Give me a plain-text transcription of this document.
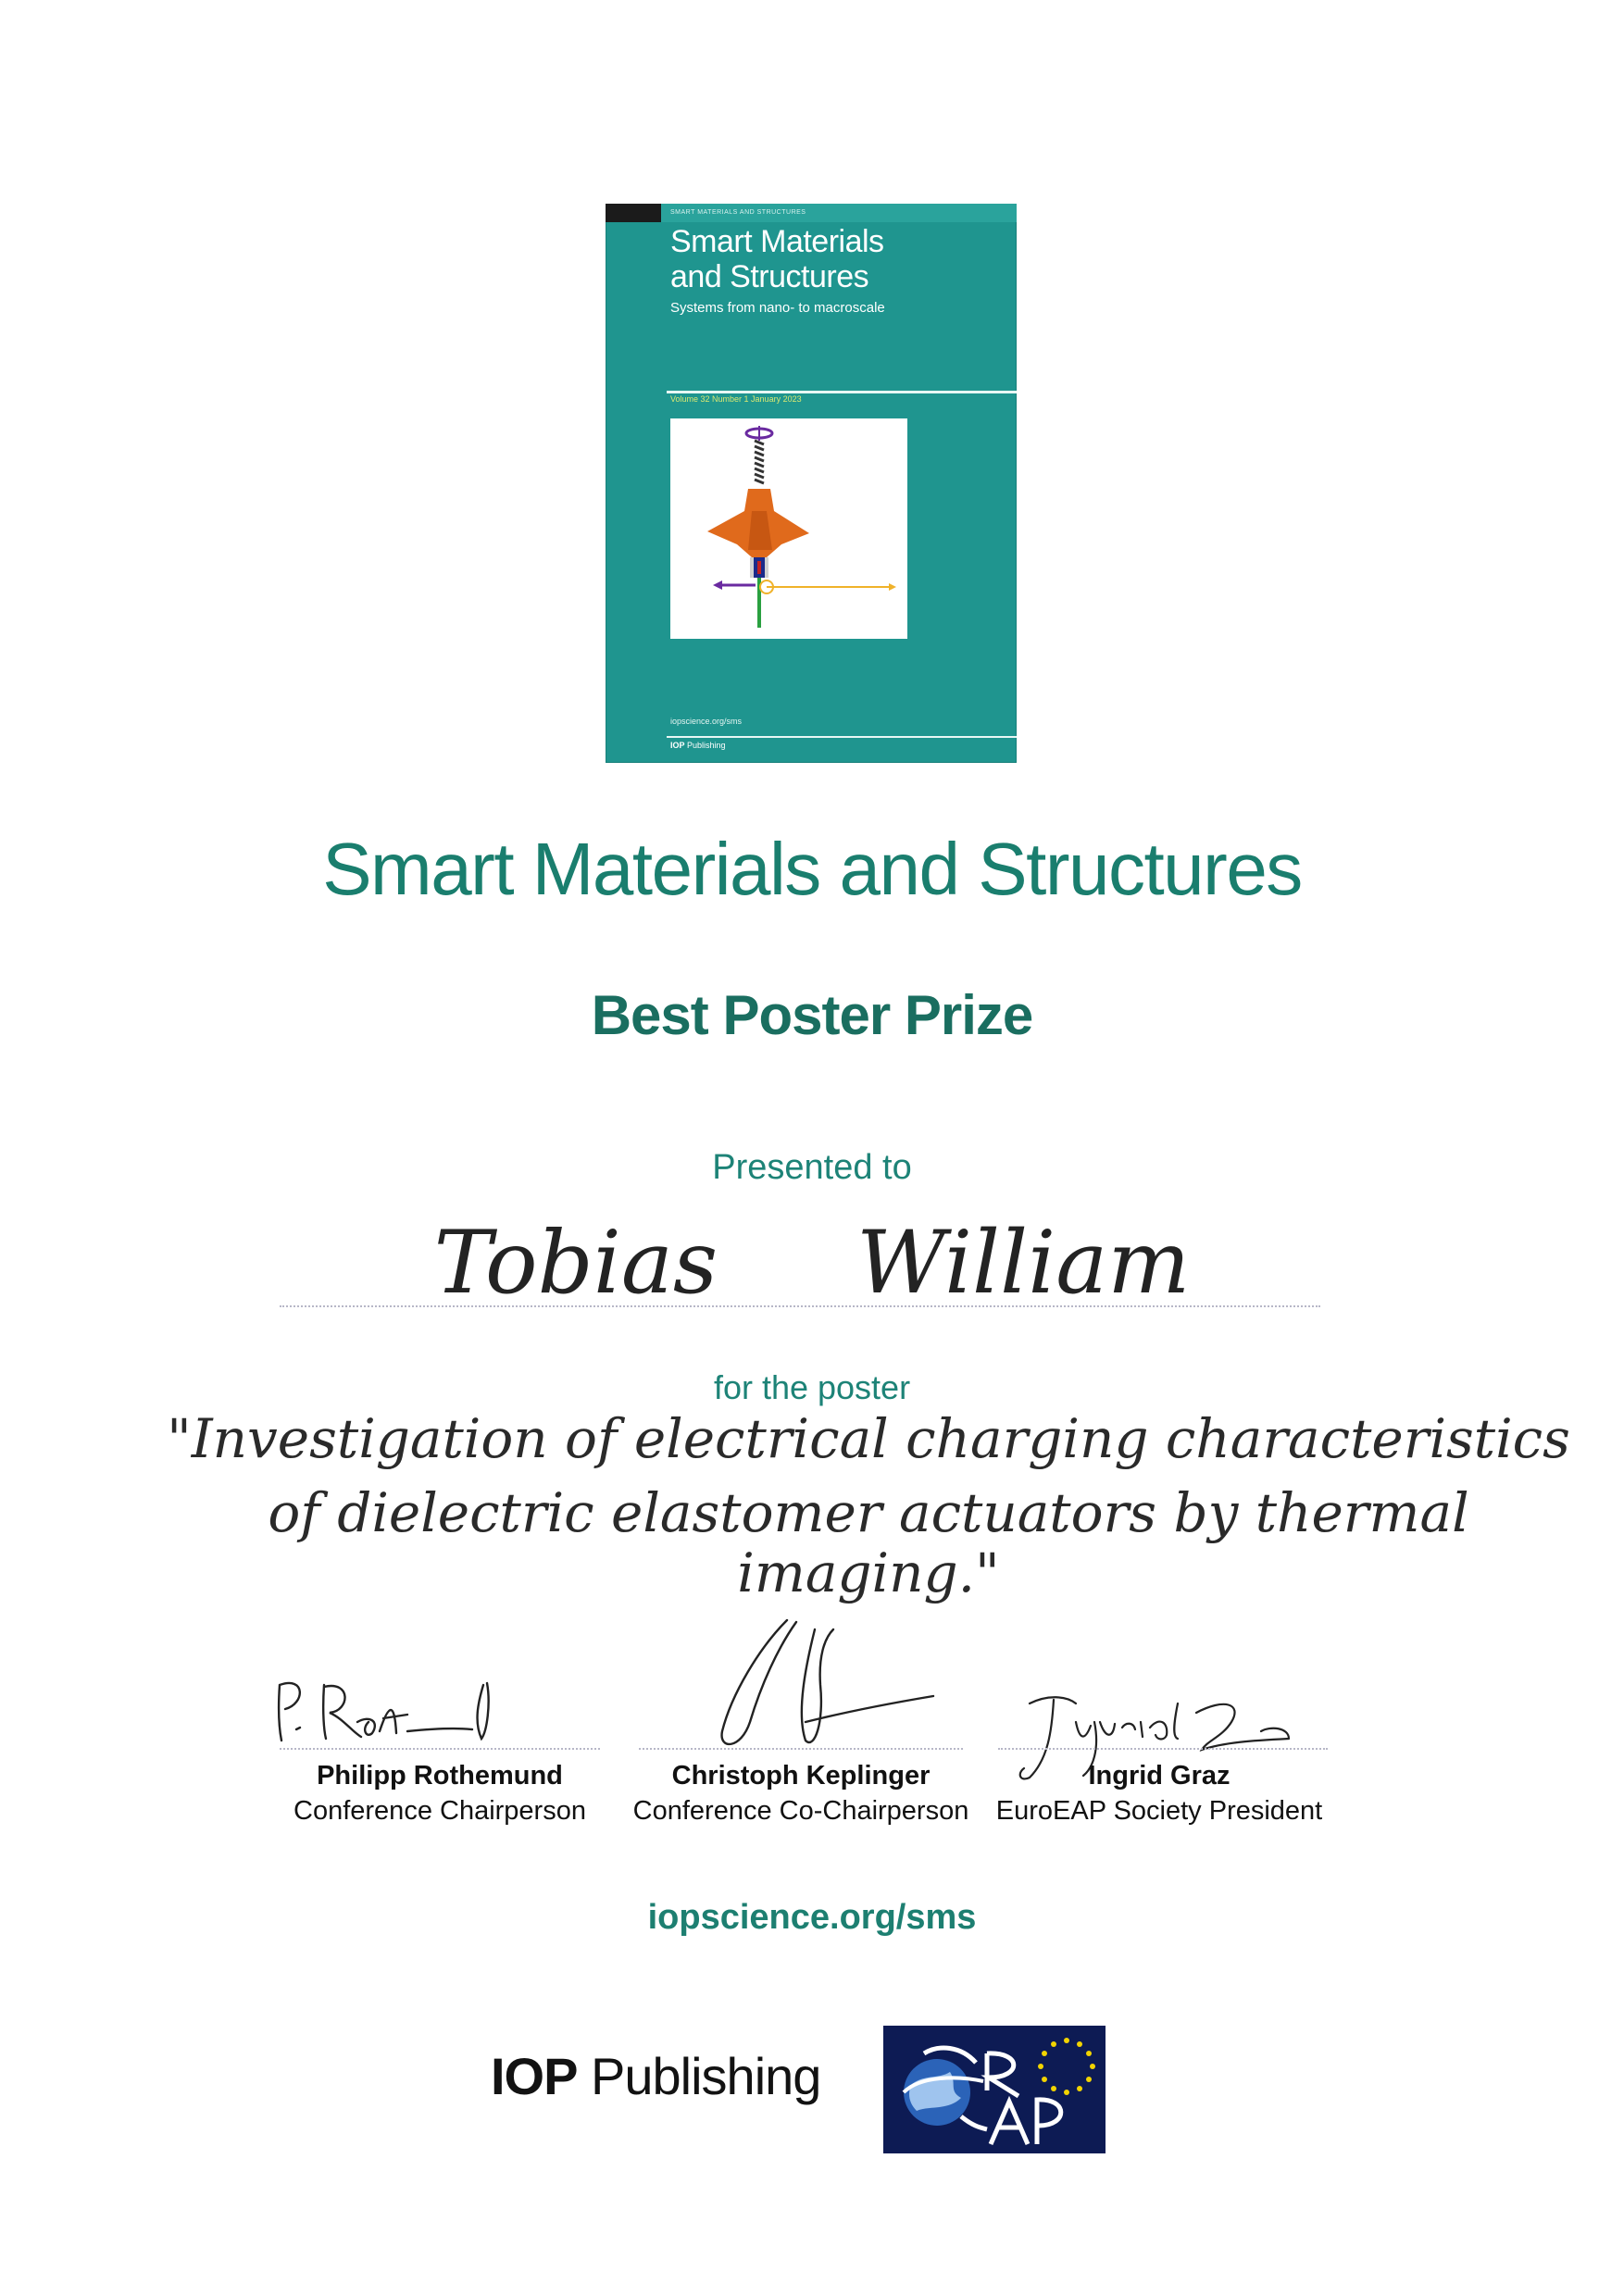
SMART MATERIALS AND STRUCTURES
Smart Materials
and Structures
Systems from nano- to macroscale
Volume 32 Number 1 January 2023
iopscience.org/sms
IOP Publishing
Smart Materials and Structures
Best Poster Prize
Presented to
Tobias William
for the poster
"Investigation of electrical charging characteristics
of dielectric elastomer actuators by thermal
imaging."
Philipp Rothemund
Conference Chairperson
Christoph Keplinger
Conference Co-Chairperson
Ingrid Graz
EuroEAP Society President
iopscience.org/sms
IOP Publishing
